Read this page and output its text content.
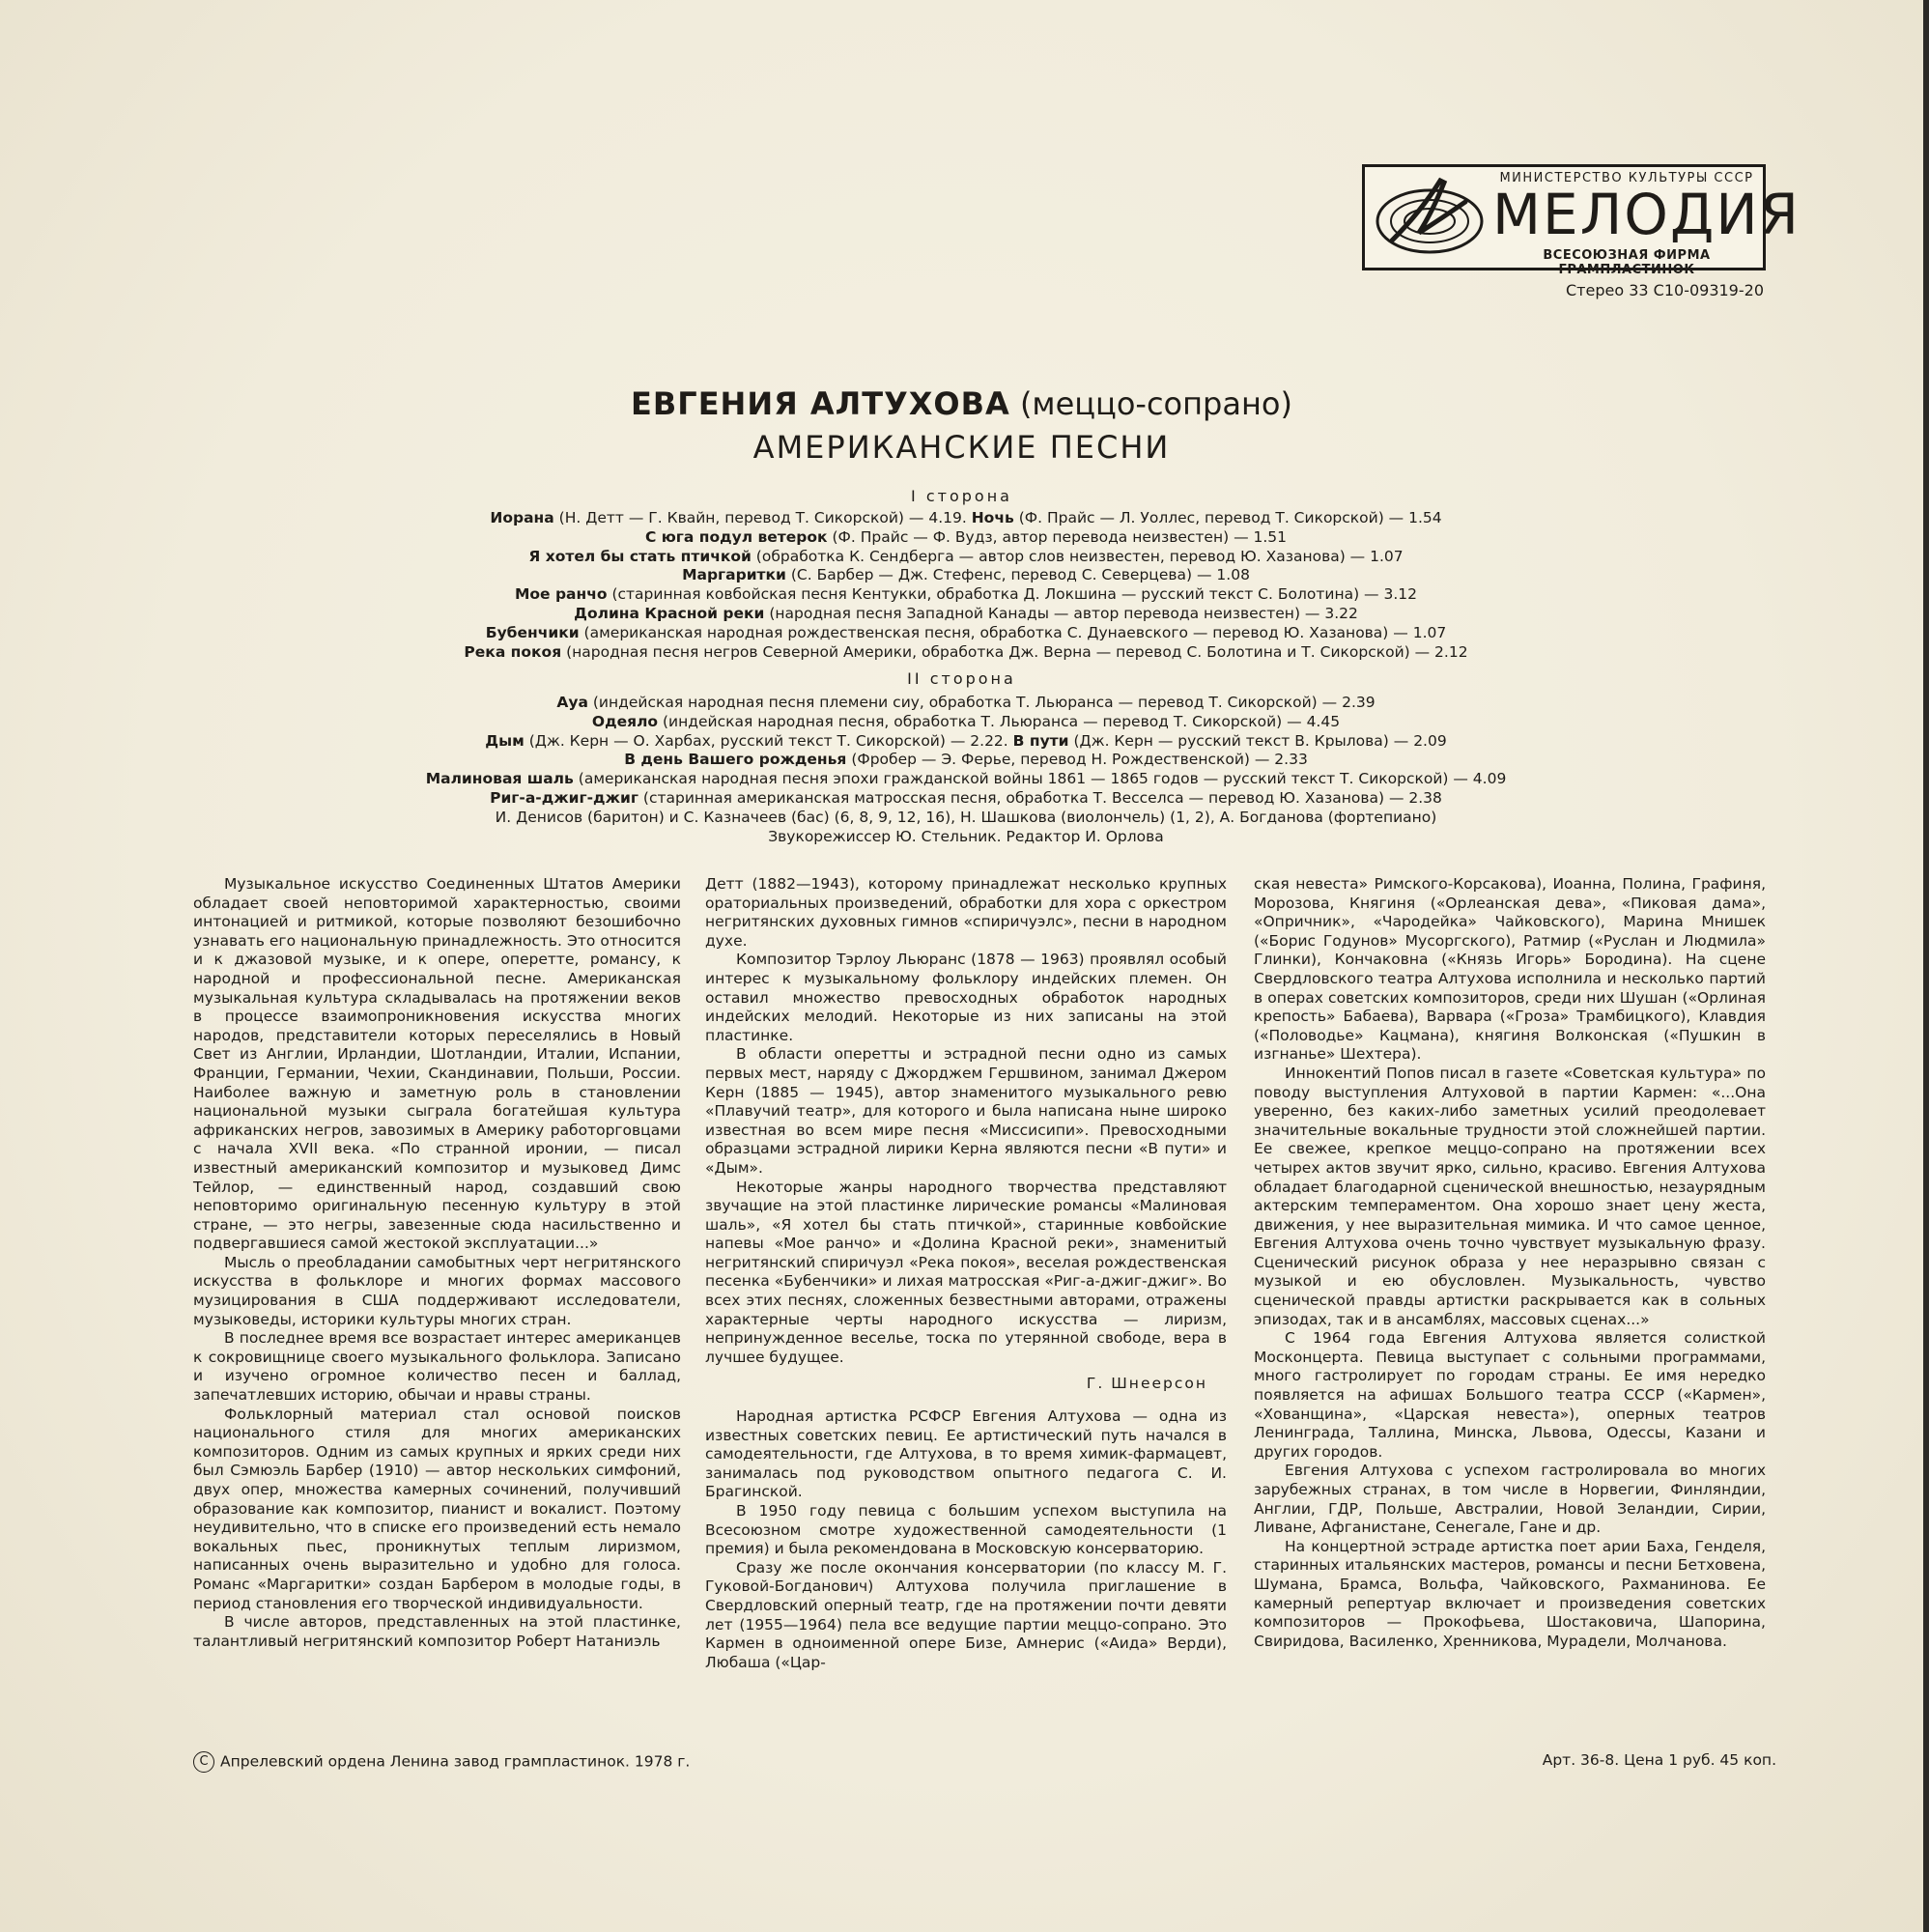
МИНИСТЕРСТВО КУЛЬТУРЫ СССР
МЕЛОДИЯ
ВСЕСОЮЗНАЯ ФИРМА ГРАМПЛАСТИНОК
Стерео 33 С10-09319-20
ЕВГЕНИЯ АЛТУХОВА (меццо-сопрано)
АМЕРИКАНСКИЕ ПЕСНИ
I сторона
Иорана (Н. Детт — Г. Квайн, перевод Т. Сикорской) — 4.19. Ночь (Ф. Прайс — Л. Уоллес, перевод Т. Сикорской) — 1.54
С юга подул ветерок (Ф. Прайс — Ф. Вудз, автор перевода неизвестен) — 1.51
Я хотел бы стать птичкой (обработка К. Сендберга — автор слов неизвестен, перевод Ю. Хазанова) — 1.07
Маргаритки (С. Барбер — Дж. Стефенс, перевод С. Северцева) — 1.08
Мое ранчо (старинная ковбойская песня Кентукки, обработка Д. Локшина — русский текст С. Болотина) — 3.12
Долина Красной реки (народная песня Западной Канады — автор перевода неизвестен) — 3.22
Бубенчики (американская народная рождественская песня, обработка С. Дунаевского — перевод Ю. Хазанова) — 1.07
Река покоя (народная песня негров Северной Америки, обработка Дж. Верна — перевод С. Болотина и Т. Сикорской) — 2.12
II сторона
Ауа (индейская народная песня племени сиу, обработка Т. Льюранса — перевод Т. Сикорской) — 2.39
Одеяло (индейская народная песня, обработка Т. Льюранса — перевод Т. Сикорской) — 4.45
Дым (Дж. Керн — О. Харбах, русский текст Т. Сикорской) — 2.22. В пути (Дж. Керн — русский текст В. Крылова) — 2.09
В день Вашего рожденья (Фробер — Э. Ферье, перевод Н. Рождественской) — 2.33
Малиновая шаль (американская народная песня эпохи гражданской войны 1861 — 1865 годов — русский текст Т. Сикорской) — 4.09
Риг-а-джиг-джиг (старинная американская матросская песня, обработка Т. Весселса — перевод Ю. Хазанова) — 2.38
И. Денисов (баритон) и С. Казначеев (бас) (6, 8, 9, 12, 16), Н. Шашкова (виолончель) (1, 2), А. Богданова (фортепиано)
Звукорежиссер Ю. Стельник. Редактор И. Орлова

Музыкальное искусство Соединенных Штатов Америки обладает своей неповторимой характерностью, своими интонацией и ритмикой, которые позволяют безошибочно узнавать его национальную принадлежность. Это относится и к джазовой музыке, и к опере, оперетте, романсу, к народной и профессиональной песне. Американская музыкальная культура складывалась на протяжении веков в процессе взаимопроникновения искусства многих народов, представители которых переселялись в Новый Свет из Англии, Ирландии, Шотландии, Италии, Испании, Франции, Германии, Чехии, Скандинавии, Польши, России. Наиболее важную и заметную роль в становлении национальной музыки сыграла богатейшая культура африканских негров, завозимых в Америку работорговцами с начала XVII века. «По странной иронии, — писал известный американский композитор и музыковед Димс Тейлор, — единственный народ, создавший свою неповторимо оригинальную песенную культуру в этой стране, — это негры, завезенные сюда насильственно и подвергавшиеся самой жестокой эксплуатации...»

Мысль о преобладании самобытных черт негритянского искусства в фольклоре и многих формах массового музицирования в США поддерживают исследователи, музыковеды, историки культуры многих стран.

В последнее время все возрастает интерес американцев к сокровищнице своего музыкального фольклора. Записано и изучено огромное количество песен и баллад, запечатлевших историю, обычаи и нравы страны.

Фольклорный материал стал основой поисков национального стиля для многих американских композиторов. Одним из самых крупных и ярких среди них был Сэмюэль Барбер (1910) — автор нескольких симфоний, двух опер, множества камерных сочинений, получивший образование как композитор, пианист и вокалист. Поэтому неудивительно, что в списке его произведений есть немало вокальных пьес, проникнутых теплым лиризмом, написанных очень выразительно и удобно для голоса. Романс «Маргаритки» создан Барбером в молодые годы, в период становления его творческой индивидуальности.

В числе авторов, представленных на этой пластинке, талантливый негритянский композитор Роберт Натаниэль

Детт (1882—1943), которому принадлежат несколько крупных ораториальных произведений, обработки для хора с оркестром негритянских духовных гимнов «спиричуэлс», песни в народном духе.

Композитор Тэрлоу Льюранс (1878 — 1963) проявлял особый интерес к музыкальному фольклору индейских племен. Он оставил множество превосходных обработок народных индейских мелодий. Некоторые из них записаны на этой пластинке.

В области оперетты и эстрадной песни одно из самых первых мест, наряду с Джорджем Гершвином, занимал Джером Керн (1885 — 1945), автор знаменитого музыкального ревю «Плавучий театр», для которого и была написана ныне широко известная во всем мире песня «Миссисипи». Превосходными образцами эстрадной лирики Керна являются песни «В пути» и «Дым».

Некоторые жанры народного творчества представляют звучащие на этой пластинке лирические романсы «Малиновая шаль», «Я хотел бы стать птичкой», старинные ковбойские напевы «Мое ранчо» и «Долина Красной реки», знаменитый негритянский спиричуэл «Река покоя», веселая рождественская песенка «Бубенчики» и лихая матросская «Риг-а-джиг-джиг». Во всех этих песнях, сложенных безвестными авторами, отражены характерные черты народного искусства — лиризм, непринужденное веселье, тоска по утерянной свободе, вера в лучшее будущее.

Г. Шнеерсон

Народная артистка РСФСР Евгения Алтухова — одна из известных советских певиц. Ее артистический путь начался в самодеятельности, где Алтухова, в то время химик-фармацевт, занималась под руководством опытного педагога С. И. Брагинской.

В 1950 году певица с большим успехом выступила на Всесоюзном смотре художественной самодеятельности (1 премия) и была рекомендована в Московскую консерваторию.

Сразу же после окончания консерватории (по классу М. Г. Гуковой-Богданович) Алтухова получила приглашение в Свердловский оперный театр, где на протяжении почти девяти лет (1955—1964) пела все ведущие партии меццо-сопрано. Это Кармен в одноименной опере Бизе, Амнерис («Аида» Верди), Любаша («Цар-

ская невеста» Римского-Корсакова), Иоанна, Полина, Графиня, Морозова, Княгиня («Орлеанская дева», «Пиковая дама», «Опричник», «Чародейка» Чайковского), Марина Мнишек («Борис Годунов» Мусоргского), Ратмир («Руслан и Людмила» Глинки), Кончаковна («Князь Игорь» Бородина). На сцене Свердловского театра Алтухова исполнила и несколько партий в операх советских композиторов, среди них Шушан («Орлиная крепость» Бабаева), Варвара («Гроза» Трамбицкого), Клавдия («Половодье» Кацмана), княгиня Волконская («Пушкин в изгнанье» Шехтера).

Иннокентий Попов писал в газете «Советская культура» по поводу выступления Алтуховой в партии Кармен: «...Она уверенно, без каких-либо заметных усилий преодолевает значительные вокальные трудности этой сложнейшей партии. Ее свежее, крепкое меццо-сопрано на протяжении всех четырех актов звучит ярко, сильно, красиво. Евгения Алтухова обладает благодарной сценической внешностью, незаурядным актерским темпераментом. Она хорошо знает цену жеста, движения, у нее выразительная мимика. И что самое ценное, Евгения Алтухова очень точно чувствует музыкальную фразу. Сценический рисунок образа у нее неразрывно связан с музыкой и ею обусловлен. Музыкальность, чувство сценической правды артистки раскрывается как в сольных эпизодах, так и в ансамблях, массовых сценах...»

С 1964 года Евгения Алтухова является солисткой Москонцерта. Певица выступает с сольными программами, много гастролирует по городам страны. Ее имя нередко появляется на афишах Большого театра СССР («Кармен», «Хованщина», «Царская невеста»), оперных театров Ленинграда, Таллина, Минска, Львова, Одессы, Казани и других городов.

Евгения Алтухова с успехом гастролировала во многих зарубежных странах, в том числе в Норвегии, Финляндии, Англии, ГДР, Польше, Австралии, Новой Зеландии, Сирии, Ливане, Афганистане, Сенегале, Гане и др.

На концертной эстраде артистка поет арии Баха, Генделя, старинных итальянских мастеров, романсы и песни Бетховена, Шумана, Брамса, Вольфа, Чайковского, Рахманинова. Ее камерный репертуар включает и произведения советских композиторов — Прокофьева, Шостаковича, Шапорина, Свиридова, Василенко, Хренникова, Мурадели, Молчанова.

C Апрелевский ордена Ленина завод грампластинок. 1978 г.	Арт. 36-8. Цена 1 руб. 45 коп.
